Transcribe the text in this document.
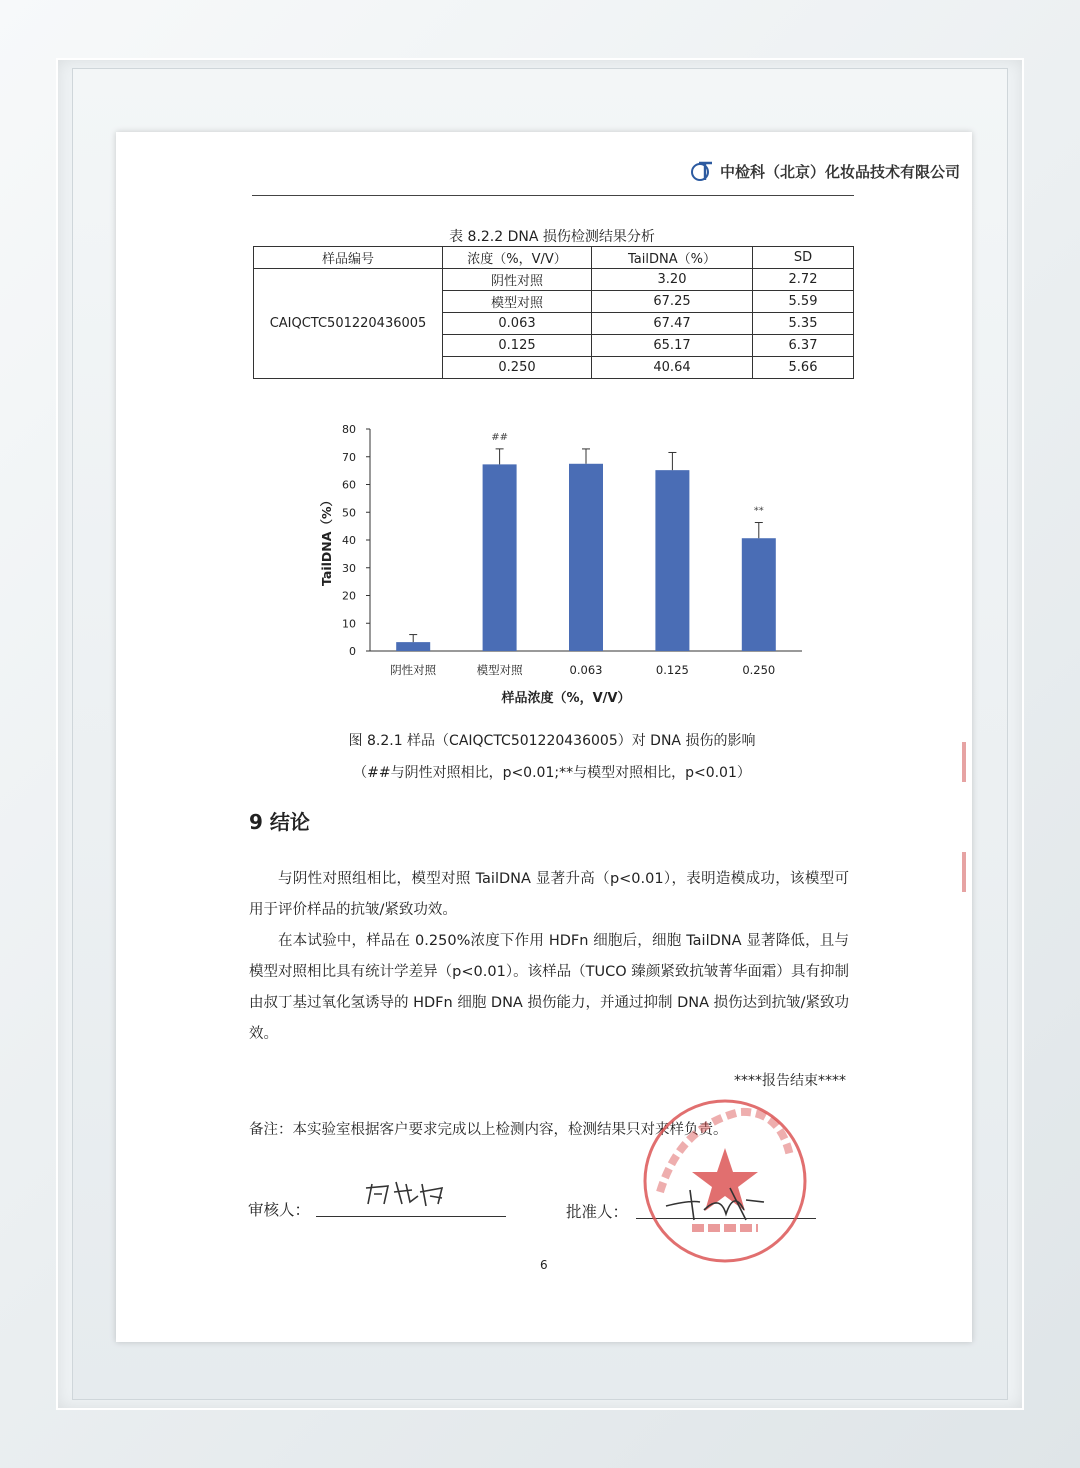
中检科（北京）化妆品技术有限公司
表 8.2.2 DNA 损伤检测结果分析
样品编号	浓度（%，V/V）	TailDNA（%）	SD
CAIQCTC501220436005	阴性对照	3.20	2.72
	模型对照	67.25	5.59
	0.063	67.47	5.35
	0.125	65.17	6.37
	0.250	40.64	5.66
0
10
20
30
40
50
60
70
80
阴性对照	模型对照
##
0.063	0.125	0.250
**
样品浓度（%，V/V）
TailDNA（%）
图 8.2.1 样品（CAIQCTC501220436005）对 DNA 损伤的影响
（##与阴性对照相比，p<0.01;**与模型对照相比，p<0.01）
9 结论
与阴性对照组相比，模型对照 TailDNA 显著升高（p<0.01），表明造模成功，该模型可用于评价样品的抗皱/紧致功效。
在本试验中，样品在 0.250%浓度下作用 HDFn 细胞后，细胞 TailDNA 显著降低，且与模型对照相比具有统计学差异（p<0.01）。该样品（TUCO 臻颜紧致抗皱菁华面霜）具有抑制由叔丁基过氧化氢诱导的 HDFn 细胞 DNA 损伤能力，并通过抑制 DNA 损伤达到抗皱/紧致功效。
****报告结束****
备注：本实验室根据客户要求完成以上检测内容，检测结果只对来样负责。
审核人：	批准人：
6
